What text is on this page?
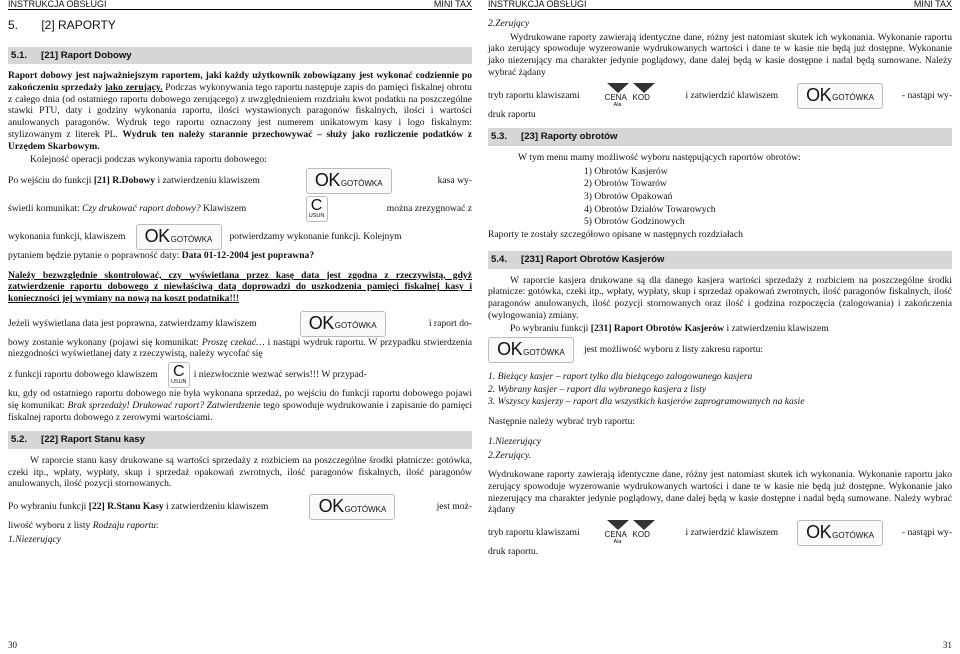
INSTRUKCJA OBSŁUGI	MINI TAX
5. [2] RAPORTY
5.1. [21] Raport Dobowy

Raport dobowy jest najważniejszym raportem, jaki każdy użytkownik zobowiązany jest wykonać codziennie po zakończeniu sprzedaży jako zerujący. Podczas wykonywania tego raportu następuje zapis do pamięci fiskalnej obrotu z całego dnia (od ostatniego raportu dobowego zerującego) z uwzględnieniem rozdziału kwot podatku na poszczególne stawki PTU, daty i godziny wykonania raportu, ilości wystawionych paragonów fiskalnych, ilości i wartości anulowanych paragonów. Wydruk tego raportu oznaczony jest numerem unikatowym kasy i logo fiskalnym: stylizowanym z literek PL. Wydruk ten należy starannie przechowywać – służy jako rozliczenie podatków z Urzędem Skarbowym.

Kolejność operacji podczas wykonywania raportu dobowego:

Po wejściu do funkcji [21] R.Dobowy i zatwierdzeniu klawiszem	OK GOTÓWKA	kasa wy-
świetli komunikat: Czy drukować raport dobowy? Klawiszem	C
USUŃ
można zrezygnować z
wykonania funkcji, klawiszem OK GOTÓWKA potwierdzamy wykonanie funkcji. Kolejnym

pytaniem będzie pytanie o poprawność daty: Data 01-12-2004 jest poprawna?

Należy bezwzględnie skontrolować, czy wyświetlana przez kasę data jest zgodna z rzeczywistą, gdyż zatwierdzenie raportu dobowego z niewłaściwą datą doprowadzi do uszkodzenia pamięci fiskalnej kasy i konieczności jej wymiany na nową na koszt podatnika!!!

Jeżeli wyświetlana data jest poprawna, zatwierdzamy klawiszem	OK GOTÓWKA	i raport do-

bowy zostanie wykonany (pojawi się komunikat: Proszę czekać… i nastąpi wydruk raportu. W przypadku stwierdzenia niezgodności wyświetlanej daty z rzeczywistą, należy wycofać się

z funkcji raportu dobowego klawiszem C
USUŃ
i niezwłocznie wezwać serwis!!! W przypad-

ku, gdy od ostatniego raportu dobowego nie była wykonana sprzedaż, po wejściu do funkcji raportu dobowego pojawi się komunikat: Brak sprzedaży! Drukować raport? Zatwierdzenie tego spowoduje wydrukowanie i zapisanie do pamięci fiskalnej raportu dobowego z zerowymi wartościami.

5.2. [22] Raport Stanu kasy

W raporcie stanu kasy drukowane są wartości sprzedaży z rozbiciem na poszczególne środki płatnicze: gotówka, czeki itp., wpłaty, wypłaty, skup i sprzedaż opakowań zwrotnych, ilość paragonów fiskalnych, ilość paragonów anulowanych, ilość pozycji stornowanych.

Po wybraniu funkcji [22] R.Stanu Kasy i zatwierdzeniu klawiszem	OK GOTÓWKA	jest moż-

liwość wyboru z listy Rodzaju raportu:

1.Niezerujący

30
INSTRUKCJA OBSŁUGI	MINI TAX

2.Zerujący

Wydrukowane raporty zawierają identyczne dane, różny jest natomiast skutek ich wykonania. Wykonanie raportu jako zerujący spowoduje wyzerowanie wydrukowanych wartości i dane te w kasie nie będą już dostępne. Wykonanie jako niezerujący ma charakter jedynie poglądowy, dane dalej będą w kasie dostępne i nadal będą sumowane. Należy wybrać żądany

tryb raportu klawiszami	CENA KOD
Ala
i zatwierdzić klawiszem OK GOTÓWKA	- nastąpi wy-

druk raportu

5.3. [23] Raporty obrotów

W tym menu mamy możliwość wyboru następujących raportów obrotów:

1) Obrotów Kasjerów
2) Obrotów Towarów
3) Obrotów Opakowań
4) Obrotów Działów Towarowych
5) Obrotów Godzinowych

Raporty te zostały szczegółowo opisane w następnych rozdziałach

5.4. [231] Raport Obrotów Kasjerów

W raporcie kasjera drukowane są dla danego kasjera wartości sprzedaży z rozbiciem na poszczególne środki płatnicze: gotówka, czeki itp., wpłaty, wypłaty, skup i sprzedaż opakowań zwrotnych, ilość paragonów fiskalnych, ilość paragonów anulowanych, ilość pozycji stornowanych oraz ilość i godzina rozpoczęcia (zalogowania) i zakończenia (wylogowania) zmiany.

Po wybraniu funkcji [231] Raport Obrotów Kasjerów i zatwierdzeniu klawiszem

OK GOTÓWKA jest możliwość wyboru z listy zakresu raportu:
1. Bieżący kasjer – raport tylko dla bieżącego zalogowanego kasjera
2. Wybrany kasjer – raport dla wybranego kasjera z listy
3. Wszyscy kasjerzy – raport dla wszystkich kasjerów zaprogramowanych na kasie

Następnie należy wybrać tryb raportu:

1.Niezerujący

2.Zerujący.

Wydrukowane raporty zawierają identyczne dane, różny jest natomiast skutek ich wykonania. Wykonanie raportu jako zerujący spowoduje wyzerowanie wydrukowanych wartości i dane te w kasie nie będą już dostępne. Wykonanie jako niezerujący ma charakter jedynie poglądowy, dane dalej będą w kasie dostępne i nadal będą sumowane. Należy wybrać żądany

tryb raportu klawiszami	CENA KOD
Ala
i zatwierdzić klawiszem OK GOTÓWKA	- nastąpi wy-

druk raportu.

31
